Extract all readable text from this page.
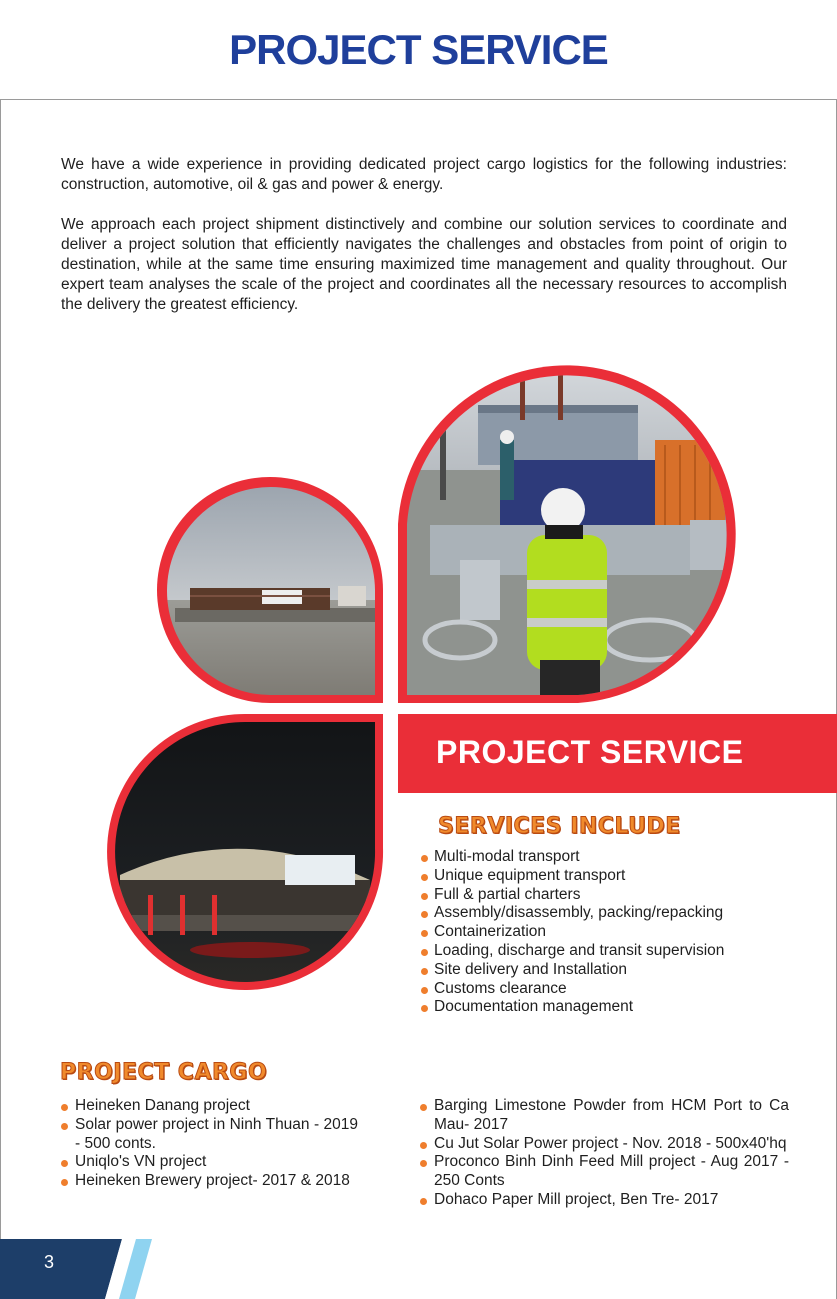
PROJECT SERVICE

We have a wide experience in providing dedicated project cargo logistics for the following industries: construction, automotive, oil & gas and power & energy.

We approach each project shipment distinctively and combine our solution services to coordinate and deliver a project solution that efficiently navigates the challenges and obstacles from point of origin to destination, while at the same time ensuring maximized time management and quality throughout. Our expert team analyses the scale of the project and coordinates all the necessary resources to accomplish the delivery the greatest efficiency.

PROJECT SERVICE
SERVICES INCLUDE
Multi-modal transport
Unique equipment transport
Full & partial charters
Assembly/disassembly, packing/repacking
Containerization
Loading, discharge and transit supervision
Site delivery and Installation
Customs clearance
Documentation management
PROJECT CARGO
Heineken Danang project
Solar power project in Ninh Thuan - 2019 - 500 conts.
Uniqlo's VN project
Heineken Brewery project- 2017 & 2018
Barging Limestone Powder from HCM Port to Ca Mau- 2017
Cu Jut Solar Power project - Nov. 2018 - 500x40'hq
Proconco Binh Dinh Feed Mill project - Aug 2017 - 250 Conts
Dohaco Paper Mill project, Ben Tre- 2017
3
